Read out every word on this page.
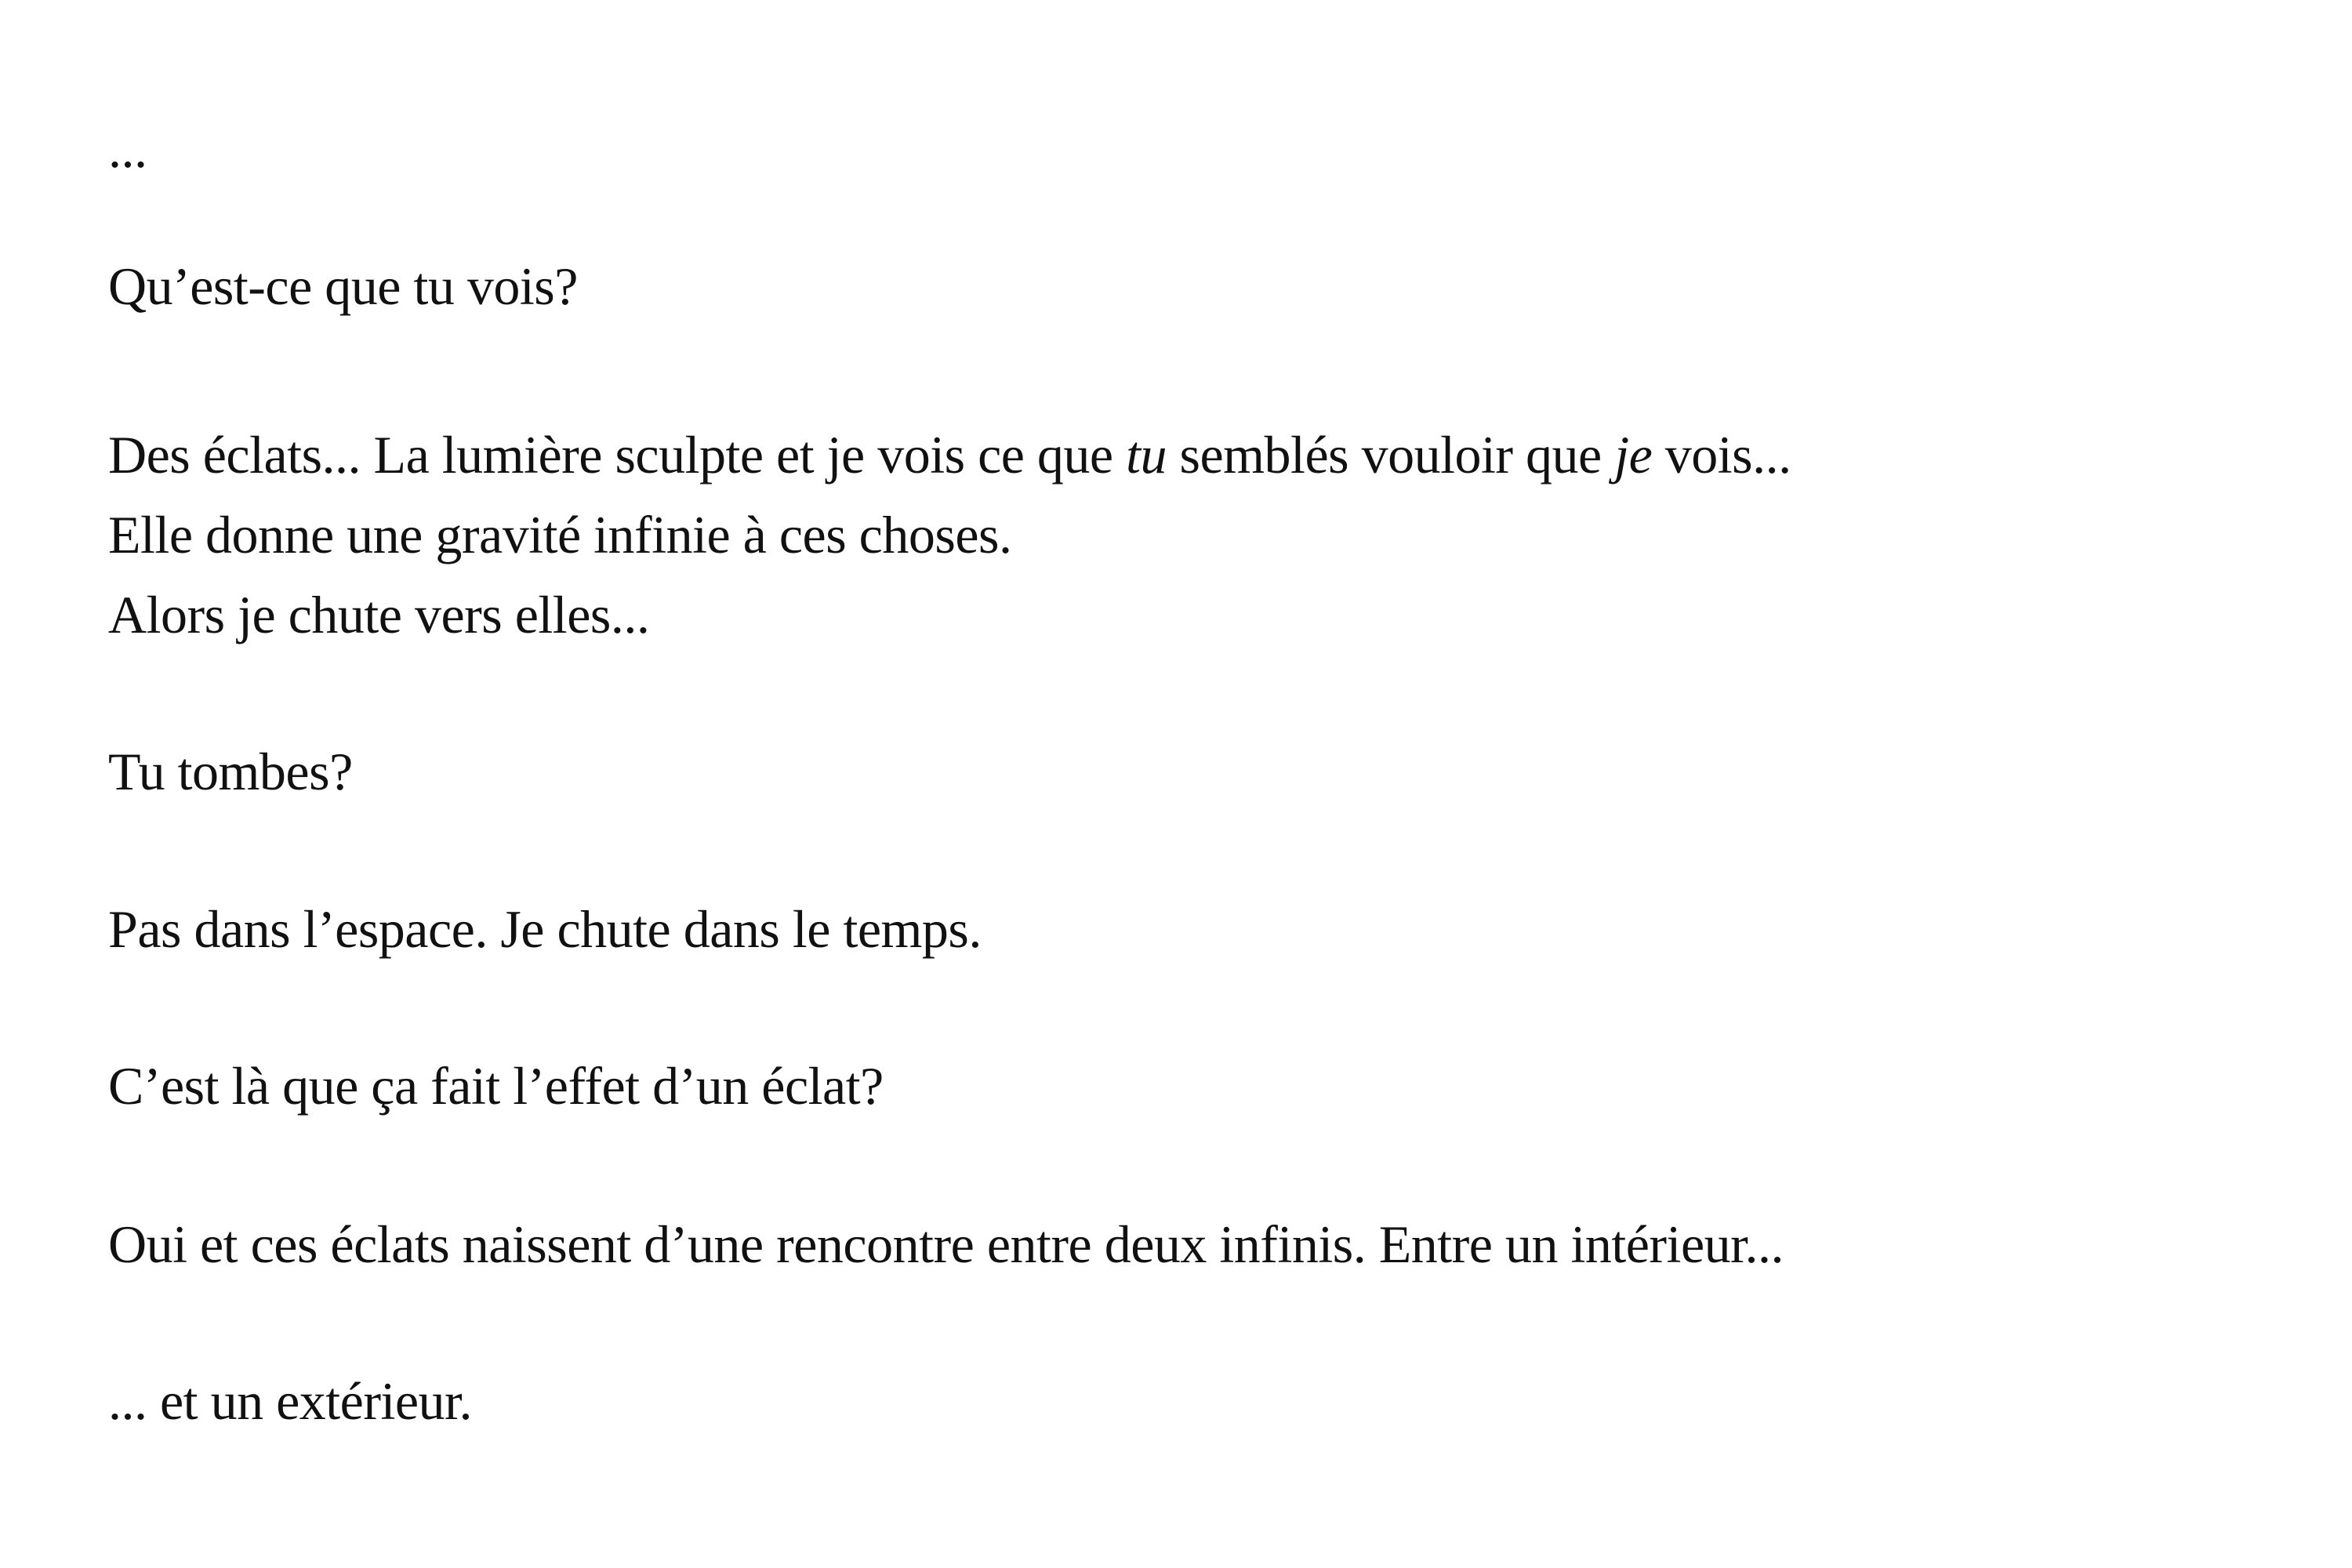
...
Qu’est-ce que tu vois?
Des éclats... La lumière sculpte et je vois ce que tu semblés vouloir que je vois...
Elle donne une gravité infinie à ces choses.
Alors je chute vers elles...
Tu tombes?
Pas dans l’espace. Je chute dans le temps.
C’est là que ça fait l’effet d’un éclat?
Oui et ces éclats naissent d’une rencontre entre deux infinis. Entre un intérieur...
... et un extérieur.
